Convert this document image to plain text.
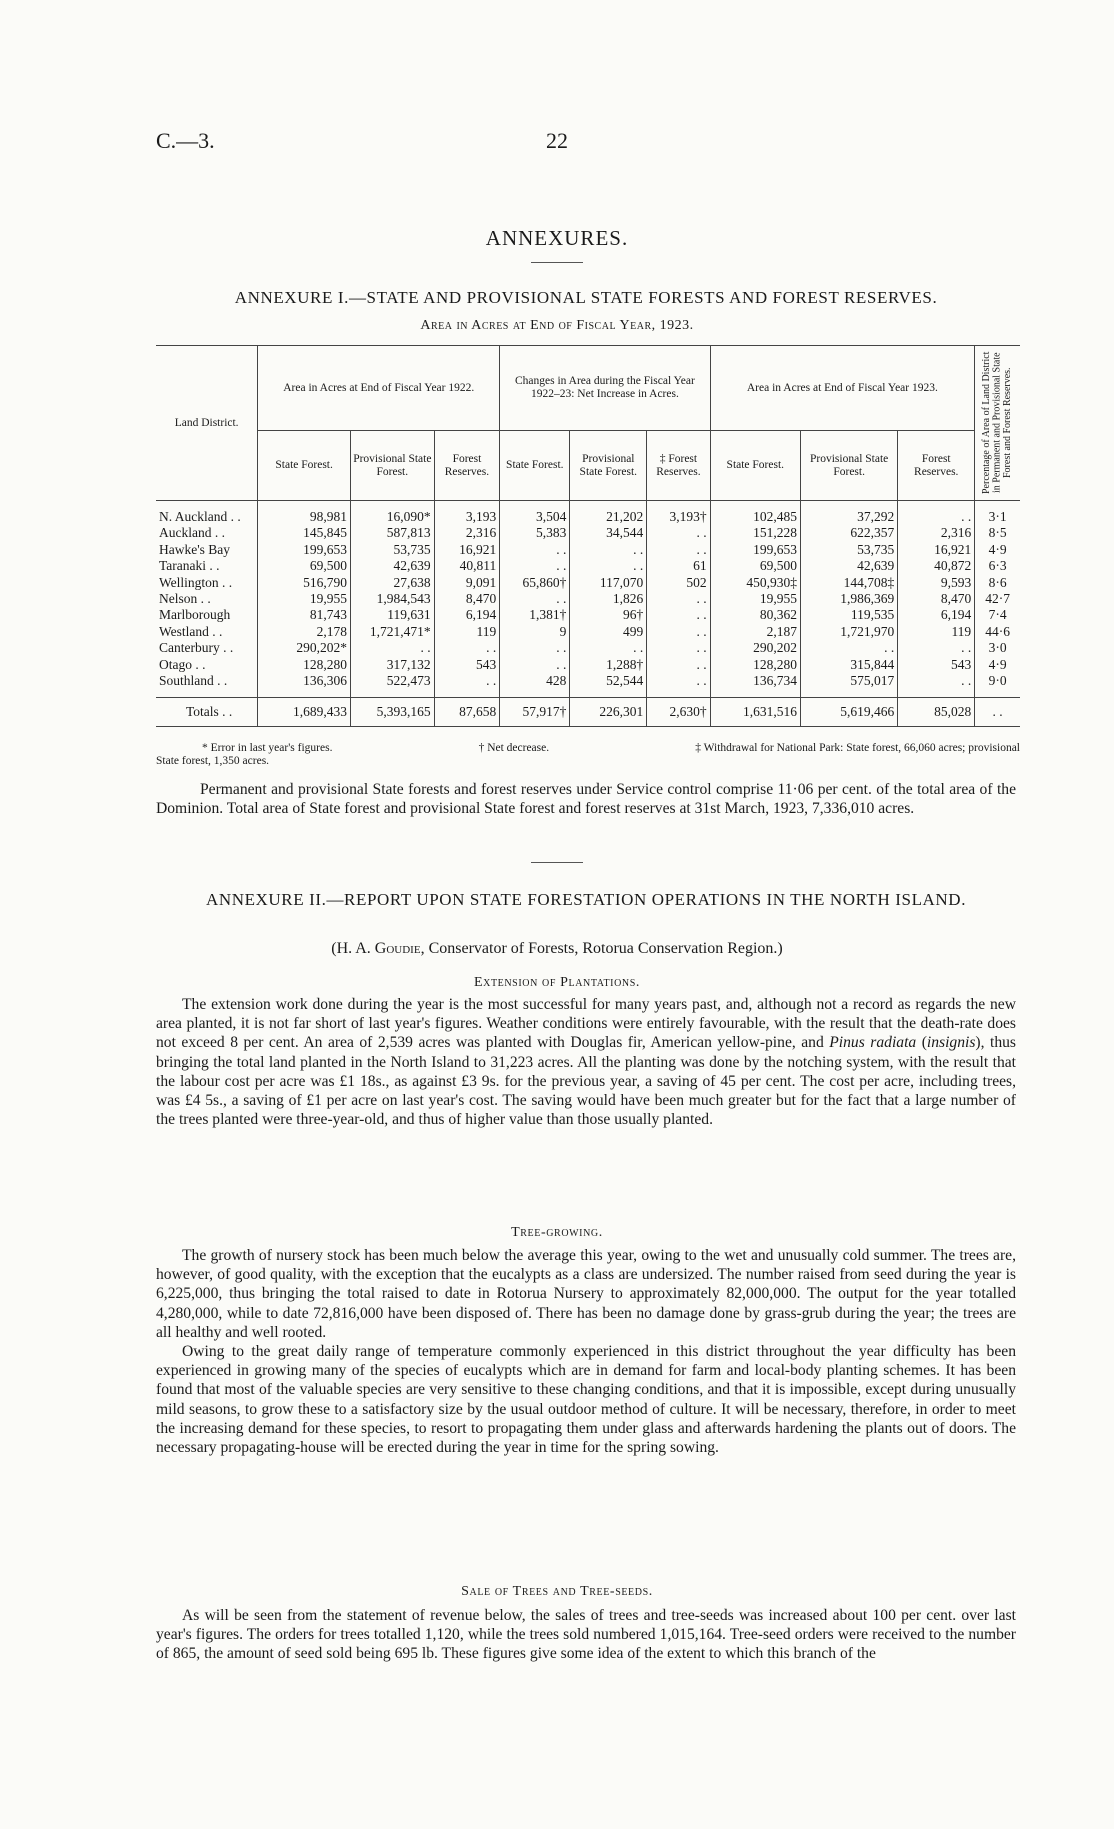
C.—3.	22
ANNEXURES.
ANNEXURE I.—STATE AND PROVISIONAL STATE FORESTS AND FOREST RESERVES.
Area in Acres at End of Fiscal Year, 1923.
Land District.	Area in Acres at End of Fiscal Year 1922.			Changes in Area during the Fiscal Year 1922–23: Net Increase in Acres.			Area in Acres at End of Fiscal Year 1923.			Percentage of Area of Land District in Permanent and Provisional State Forest and Forest Reserves.

	State Forest.	Provisional State Forest.	Forest Reserves.	State Forest.	Provisional State Forest.	‡ Forest Reserves.	State Forest.	Provisional State Forest.	Forest Reserves.	

N. Auckland . .	98,981	16,090*	3,193	3,504	21,202	3,193†	102,485	37,292	. .	3·1
Auckland . .	145,845	587,813	2,316	5,383	34,544	. .	151,228	622,357	2,316	8·5
Hawke's Bay	199,653	53,735	16,921	. .	. .	. .	199,653	53,735	16,921	4·9
Taranaki . .	69,500	42,639	40,811	. .	. .	61	69,500	42,639	40,872	6·3
Wellington . .	516,790	27,638	9,091	65,860†	117,070	502	450,930‡	144,708‡	9,593	8·6
Nelson . .	19,955	1,984,543	8,470	. .	1,826	. .	19,955	1,986,369	8,470	42·7
Marlborough	81,743	119,631	6,194	1,381†	96†	. .	80,362	119,535	6,194	7·4
Westland . .	2,178	1,721,471*	119	9	499	. .	2,187	1,721,970	119	44·6
Canterbury . .	290,202*	. .	. .	. .	. .	. .	290,202	. .	. .	3·0
Otago . .	128,280	317,132	543	. .	1,288†	. .	128,280	315,844	543	4·9
Southland . .	136,306	522,473	. .	428	52,544	. .	136,734	575,017	. .	9·0

Totals . .	1,689,433	5,393,165	87,658	57,917†	226,301	2,630†	1,631,516	5,619,466	85,028	. .
* Error in last year's figures.	† Net decrease.	‡ Withdrawal for National Park: State forest, 66,060 acres; provisional
State forest, 1,350 acres.

Permanent and provisional State forests and forest reserves under Service control comprise 11·06 per cent. of the total area of the Dominion. Total area of State forest and provisional State forest and forest reserves at 31st March, 1923, 7,336,010 acres.

ANNEXURE II.—REPORT UPON STATE FORESTATION OPERATIONS IN THE NORTH ISLAND.
(H. A. Goudie, Conservator of Forests, Rotorua Conservation Region.)
Extension of Plantations.

The extension work done during the year is the most successful for many years past, and, although not a record as regards the new area planted, it is not far short of last year's figures. Weather conditions were entirely favourable, with the result that the death-rate does not exceed 8 per cent. An area of 2,539 acres was planted with Douglas fir, American yellow-pine, and Pinus radiata (insignis), thus bringing the total land planted in the North Island to 31,223 acres. All the planting was done by the notching system, with the result that the labour cost per acre was £1 18s., as against £3 9s. for the previous year, a saving of 45 per cent. The cost per acre, including trees, was £4 5s., a saving of £1 per acre on last year's cost. The saving would have been much greater but for the fact that a large number of the trees planted were three-year-old, and thus of higher value than those usually planted.

Tree-growing.

The growth of nursery stock has been much below the average this year, owing to the wet and unusually cold summer. The trees are, however, of good quality, with the exception that the eucalypts as a class are undersized. The number raised from seed during the year is 6,225,000, thus bringing the total raised to date in Rotorua Nursery to approximately 82,000,000. The output for the year totalled 4,280,000, while to date 72,816,000 have been disposed of. There has been no damage done by grass-grub during the year; the trees are all healthy and well rooted.

Owing to the great daily range of temperature commonly experienced in this district throughout the year difficulty has been experienced in growing many of the species of eucalypts which are in demand for farm and local-body planting schemes. It has been found that most of the valuable species are very sensitive to these changing conditions, and that it is impossible, except during unusually mild seasons, to grow these to a satisfactory size by the usual outdoor method of culture. It will be necessary, therefore, in order to meet the increasing demand for these species, to resort to propagating them under glass and afterwards hardening the plants out of doors. The necessary propagating-house will be erected during the year in time for the spring sowing.

Sale of Trees and Tree-seeds.

As will be seen from the statement of revenue below, the sales of trees and tree-seeds was increased about 100 per cent. over last year's figures. The orders for trees totalled 1,120, while the trees sold numbered 1,015,164. Tree-seed orders were received to the number of 865, the amount of seed sold being 695 lb. These figures give some idea of the extent to which this branch of the
